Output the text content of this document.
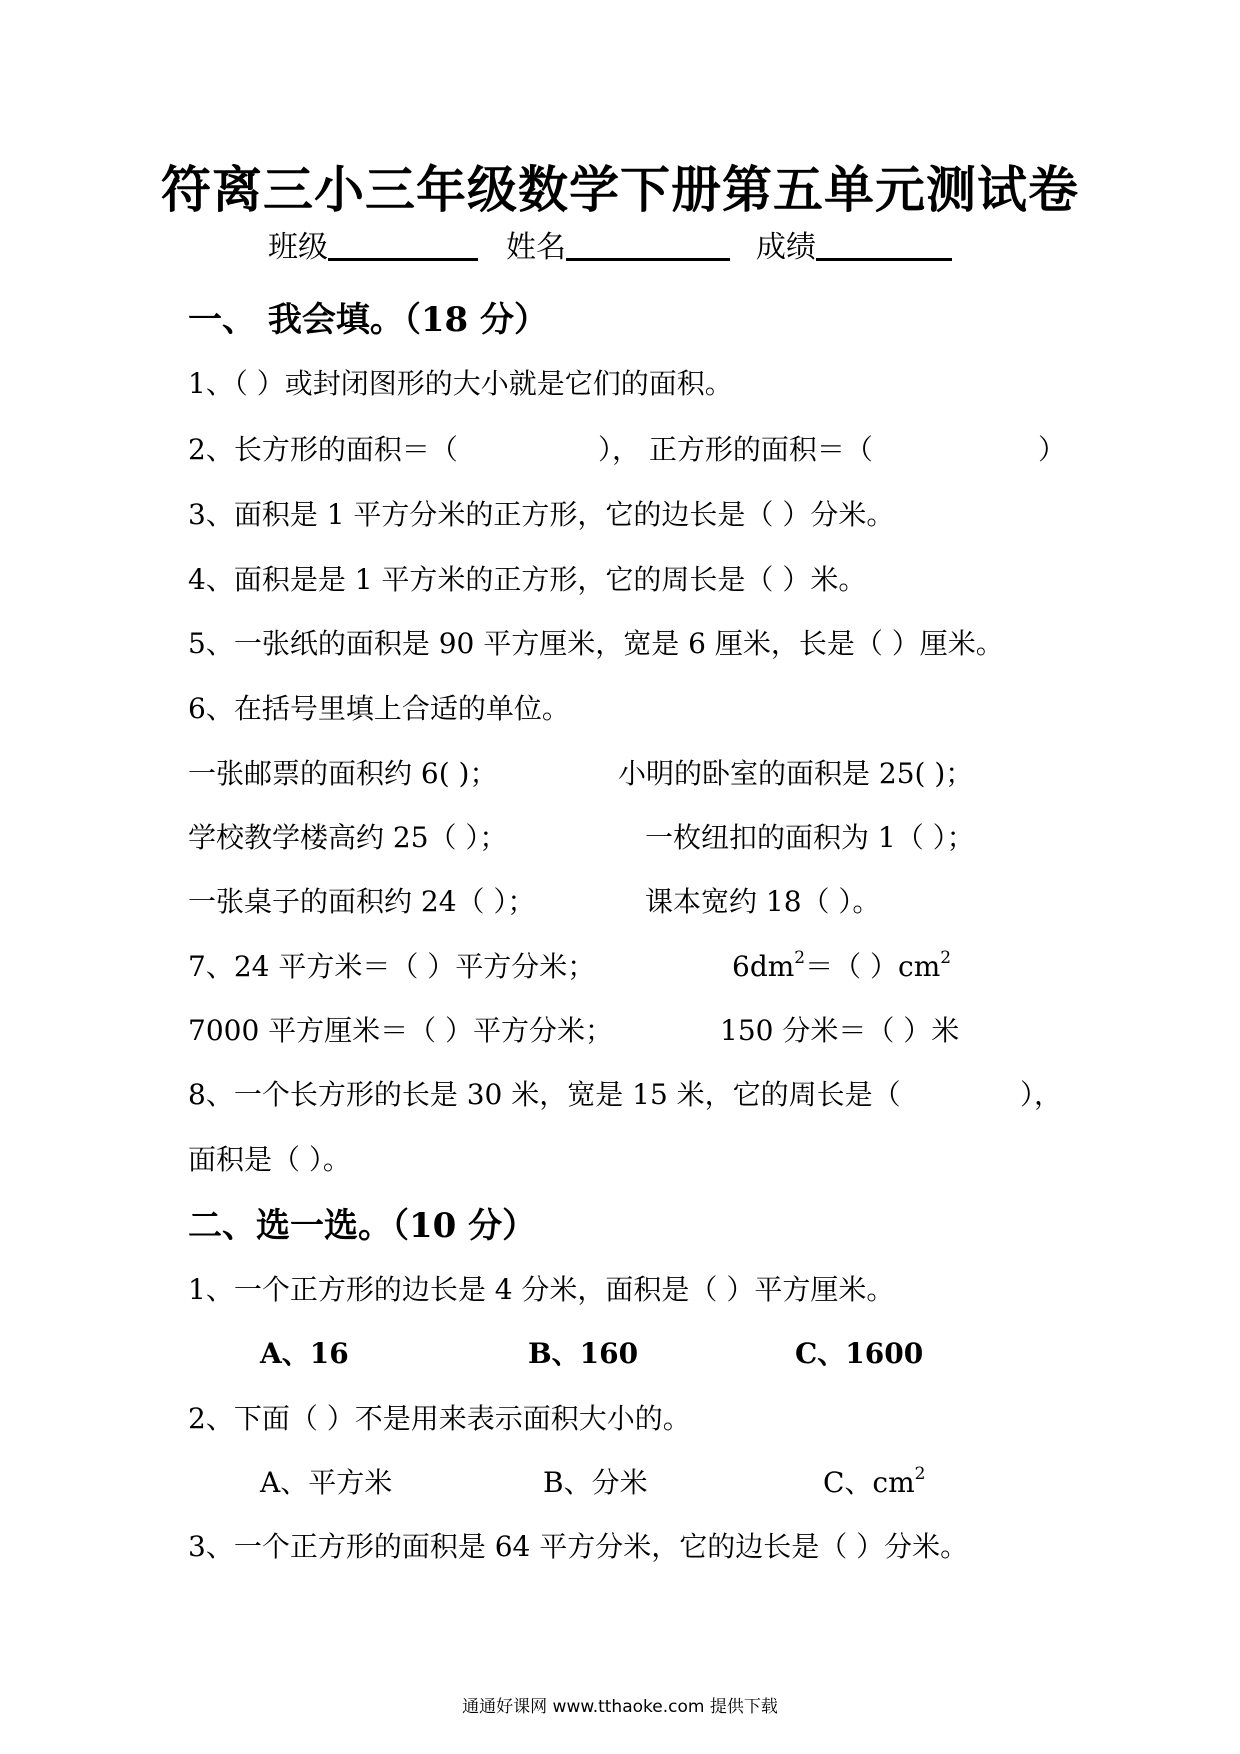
符离三小三年级数学下册第五单元测试卷
班级	姓名	成绩
一、 我会填。（18 分）
1、（ ）或封闭图形的大小就是它们的面积。
2、长方形的面积＝（	）， 正方形的面积＝（	）
3、面积是 1 平方分米的正方形，它的边长是（ ）分米。
4、面积是是 1 平方米的正方形，它的周长是（ ）米。
5、一张纸的面积是 90 平方厘米，宽是 6 厘米，长是（ ）厘米。
6、在括号里填上合适的单位。
一张邮票的面积约 6( )；	小明的卧室的面积是 25( )；
学校教学楼高约 25（ ）；	一枚纽扣的面积为 1（ ）；
一张桌子的面积约 24（ ）；	课本宽约 18（ ）。
7、24 平方米＝（ ）平方分米；	$6dm^2=$（ ）$cm^2$
7000 平方厘米＝（ ）平方分米；	150 分米＝（ ）米
8、一个长方形的长是 30 米，宽是 15 米，它的周长是（	），
面积是（ ）。
二、选一选。（10 分）
1、一个正方形的边长是 4 分米，面积是（ ）平方厘米。
A、16	B、160	C、1600
2、下面（ ）不是用来表示面积大小的。
A、平方米	B、分米	C、$cm^2$
3、一个正方形的面积是 64 平方分米，它的边长是（ ）分米。
通通好课网 www.tthaoke.com 提供下载
